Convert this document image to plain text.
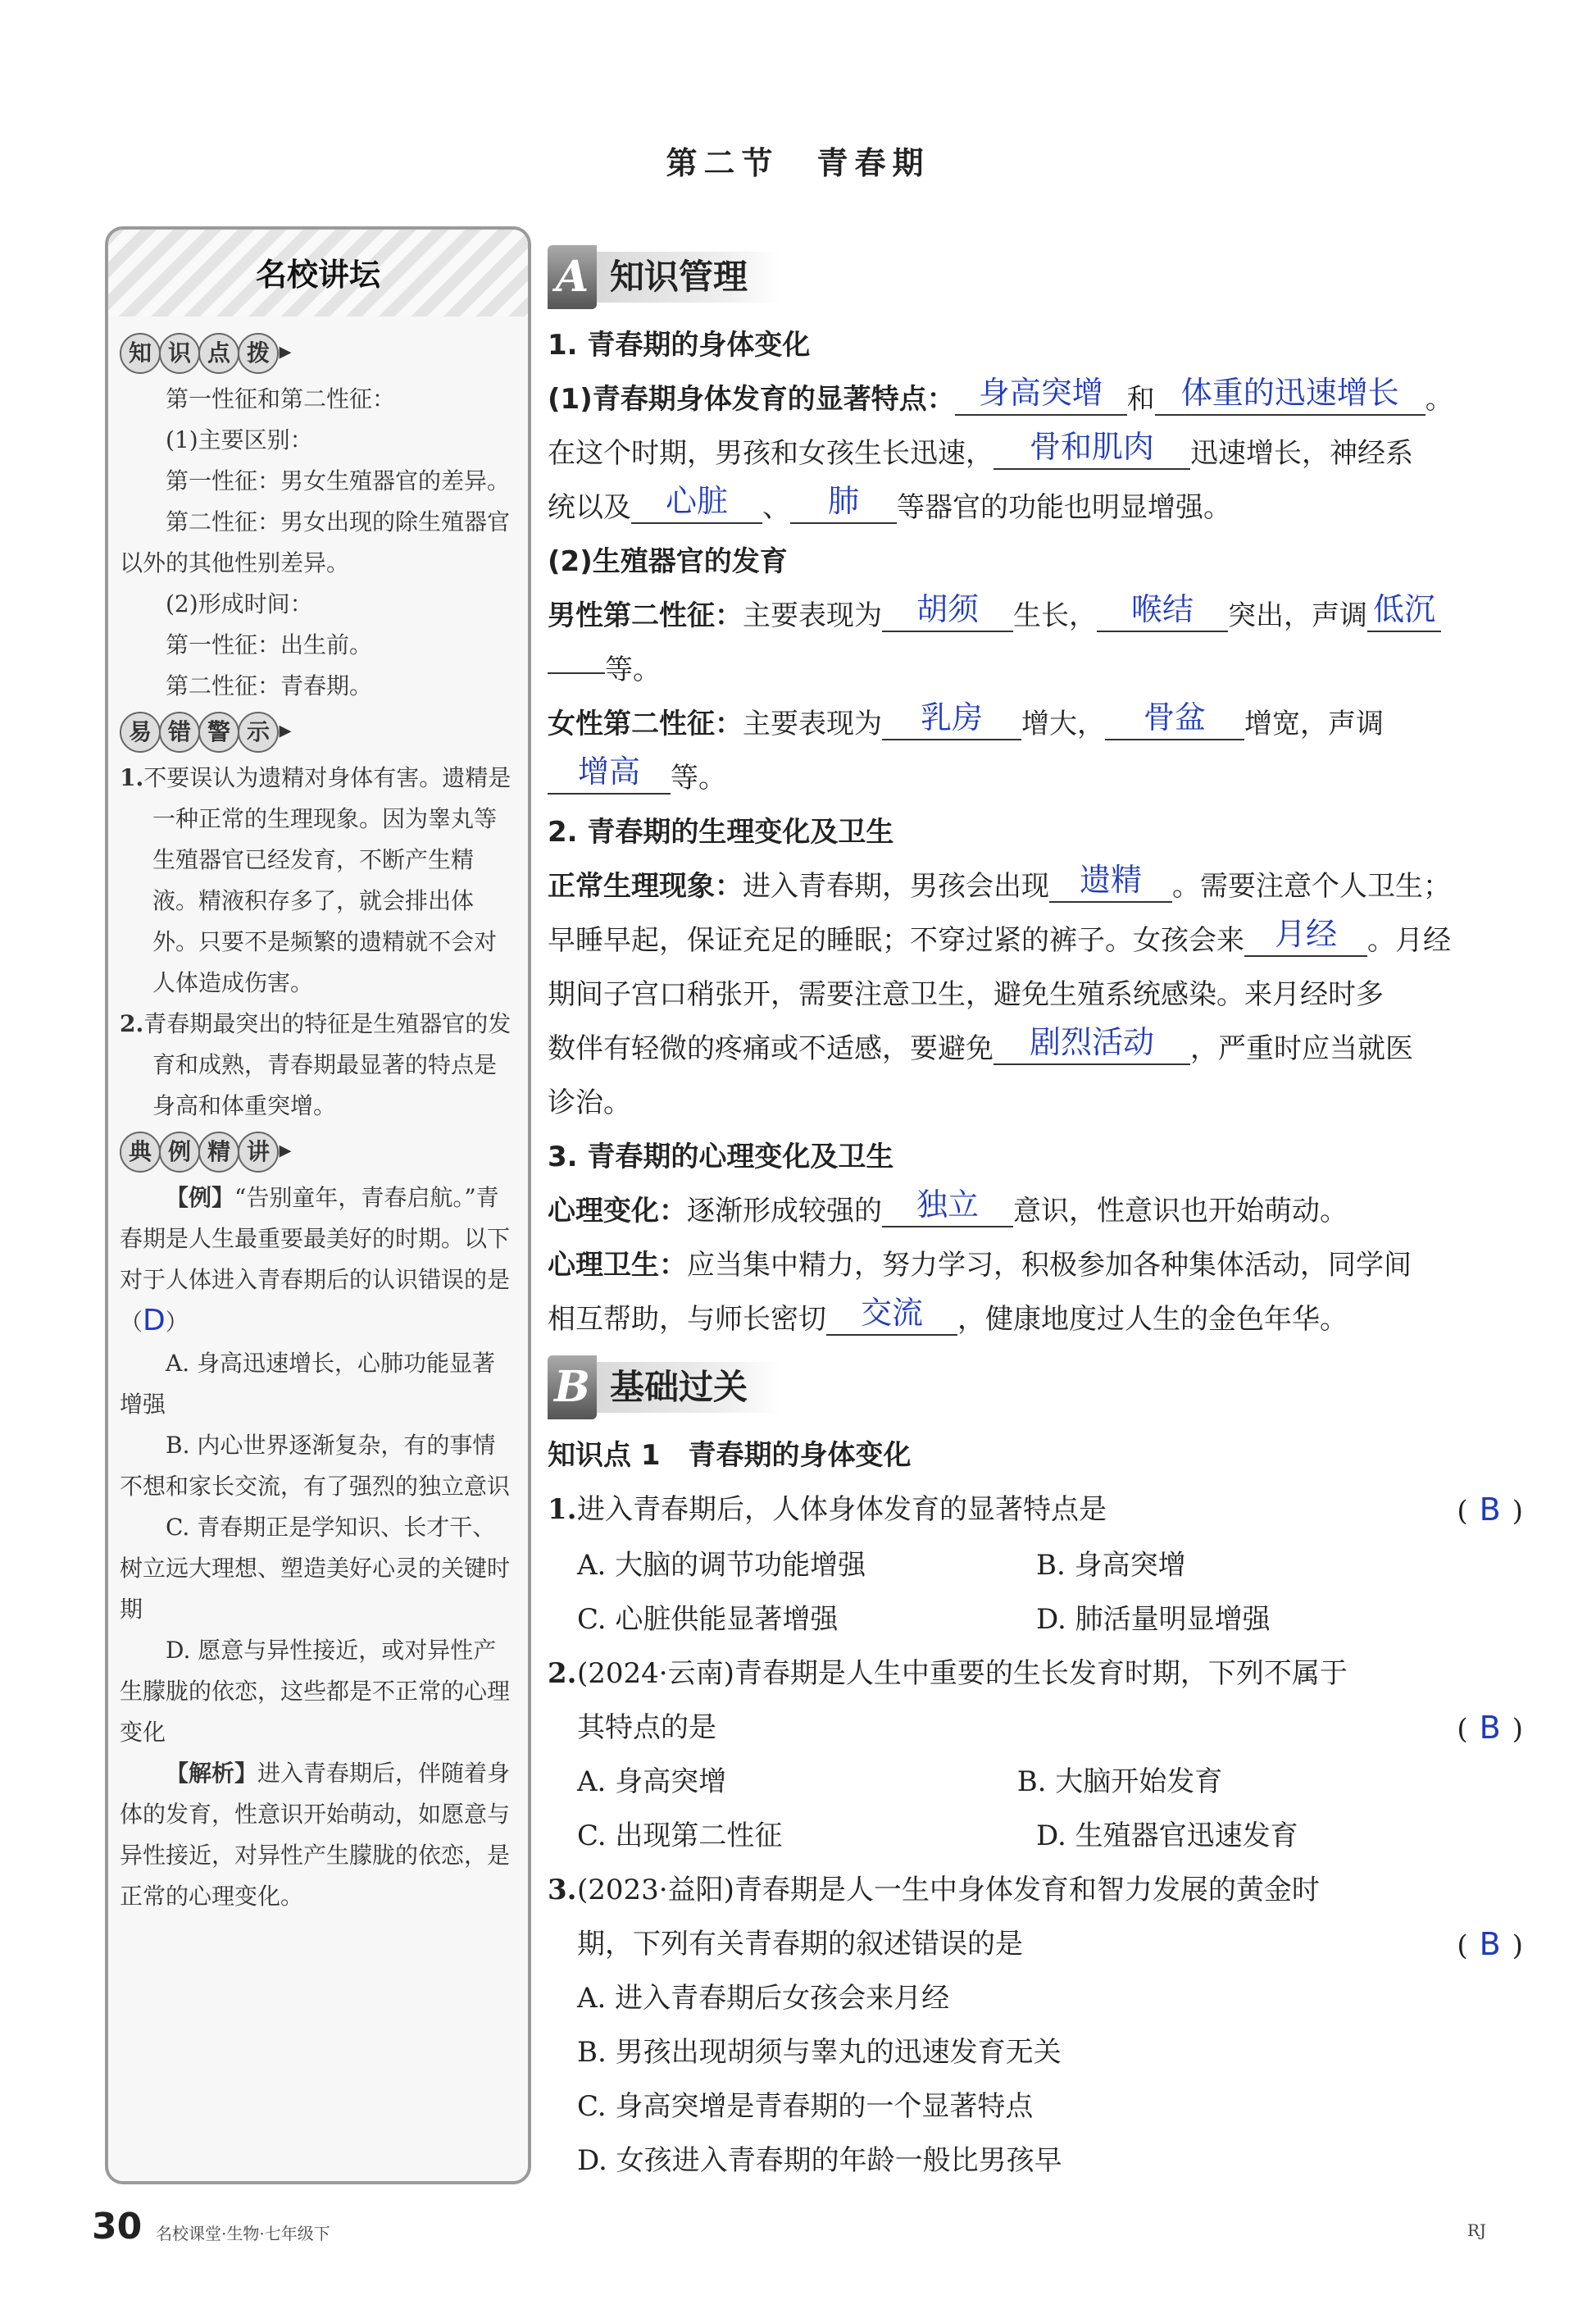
第二节　青春期
名校讲坛
知 识 点 拨 ▸

第一性征和第二性征：

(1)主要区别：

第一性征：男女生殖器官的差异。

第二性征：男女出现的除生殖器官以外的其他性别差异。

(2)形成时间：

第一性征：出生前。

第二性征：青春期。

易 错 警 示 ▸

1.不要误认为遗精对身体有害。遗精是一种正常的生理现象。因为睾丸等生殖器官已经发育，不断产生精液。精液积存多了，就会排出体外。只要不是频繁的遗精就不会对人体造成伤害。

2.青春期最突出的特征是生殖器官的发育和成熟，青春期最显著的特点是身高和体重突增。

典 例 精 讲 ▸

【例】“告别童年，青春启航。”青春期是人生最重要最美好的时期。以下对于人体进入青春期后的认识错误的是（D）

A. 身高迅速增长，心肺功能显著增强

B. 内心世界逐渐复杂，有的事情不想和家长交流，有了强烈的独立意识

C. 青春期正是学知识、长才干、树立远大理想、塑造美好心灵的关键时期

D. 愿意与异性接近，或对异性产生朦胧的依恋，这些都是不正常的心理变化

【解析】进入青春期后，伴随着身体的发育，性意识开始萌动，如愿意与异性接近，对异性产生朦胧的依恋，是正常的心理变化。

A 知识管理

1. 青春期的身体变化

(1)青春期身体发育的显著特点： 身高突增 和 体重的迅速增长 。

在这个时期，男孩和女孩生长迅速， 骨和肌肉 迅速增长，神经系

统以及 心脏 、 肺 等器官的功能也明显增强。

(2)生殖器官的发育

男性第二性征：主要表现为 胡须 生长， 喉结 突出，声调 低沉

等。

女性第二性征：主要表现为 乳房 增大， 骨盆 增宽，声调

增高 等。

2. 青春期的生理变化及卫生

正常生理现象：进入青春期，男孩会出现 遗精 。需要注意个人卫生；

早睡早起，保证充足的睡眠；不穿过紧的裤子。女孩会来 月经 。月经

期间子宫口稍张开，需要注意卫生，避免生殖系统感染。来月经时多

数伴有轻微的疼痛或不适感，要避免 剧烈活动 ，严重时应当就医

诊治。

3. 青春期的心理变化及卫生

心理变化：逐渐形成较强的 独立 意识，性意识也开始萌动。

心理卫生：应当集中精力，努力学习，积极参加各种集体活动，同学间

相互帮助，与师长密切 交流 ，健康地度过人生的金色年华。

B 基础过关

知识点 1　青春期的身体变化

1. 进入青春期后，人体身体发育的显著特点是	( B )
A. 大脑的调节功能增强	B. 身高突增
C. 心脏供能显著增强	D. 肺活量明显增强
2. (2024·云南)青春期是人生中重要的生长发育时期，下列不属于
其特点的是	( B )
A. 身高突增	B. 大脑开始发育
C. 出现第二性征	D. 生殖器官迅速发育
3. (2023·益阳)青春期是人一生中身体发育和智力发展的黄金时
期，下列有关青春期的叙述错误的是	( B )
A. 进入青春期后女孩会来月经
B. 男孩出现胡须与睾丸的迅速发育无关
C. 身高突增是青春期的一个显著特点
D. 女孩进入青春期的年龄一般比男孩早
30 名校课堂·生物·七年级下	RJ
